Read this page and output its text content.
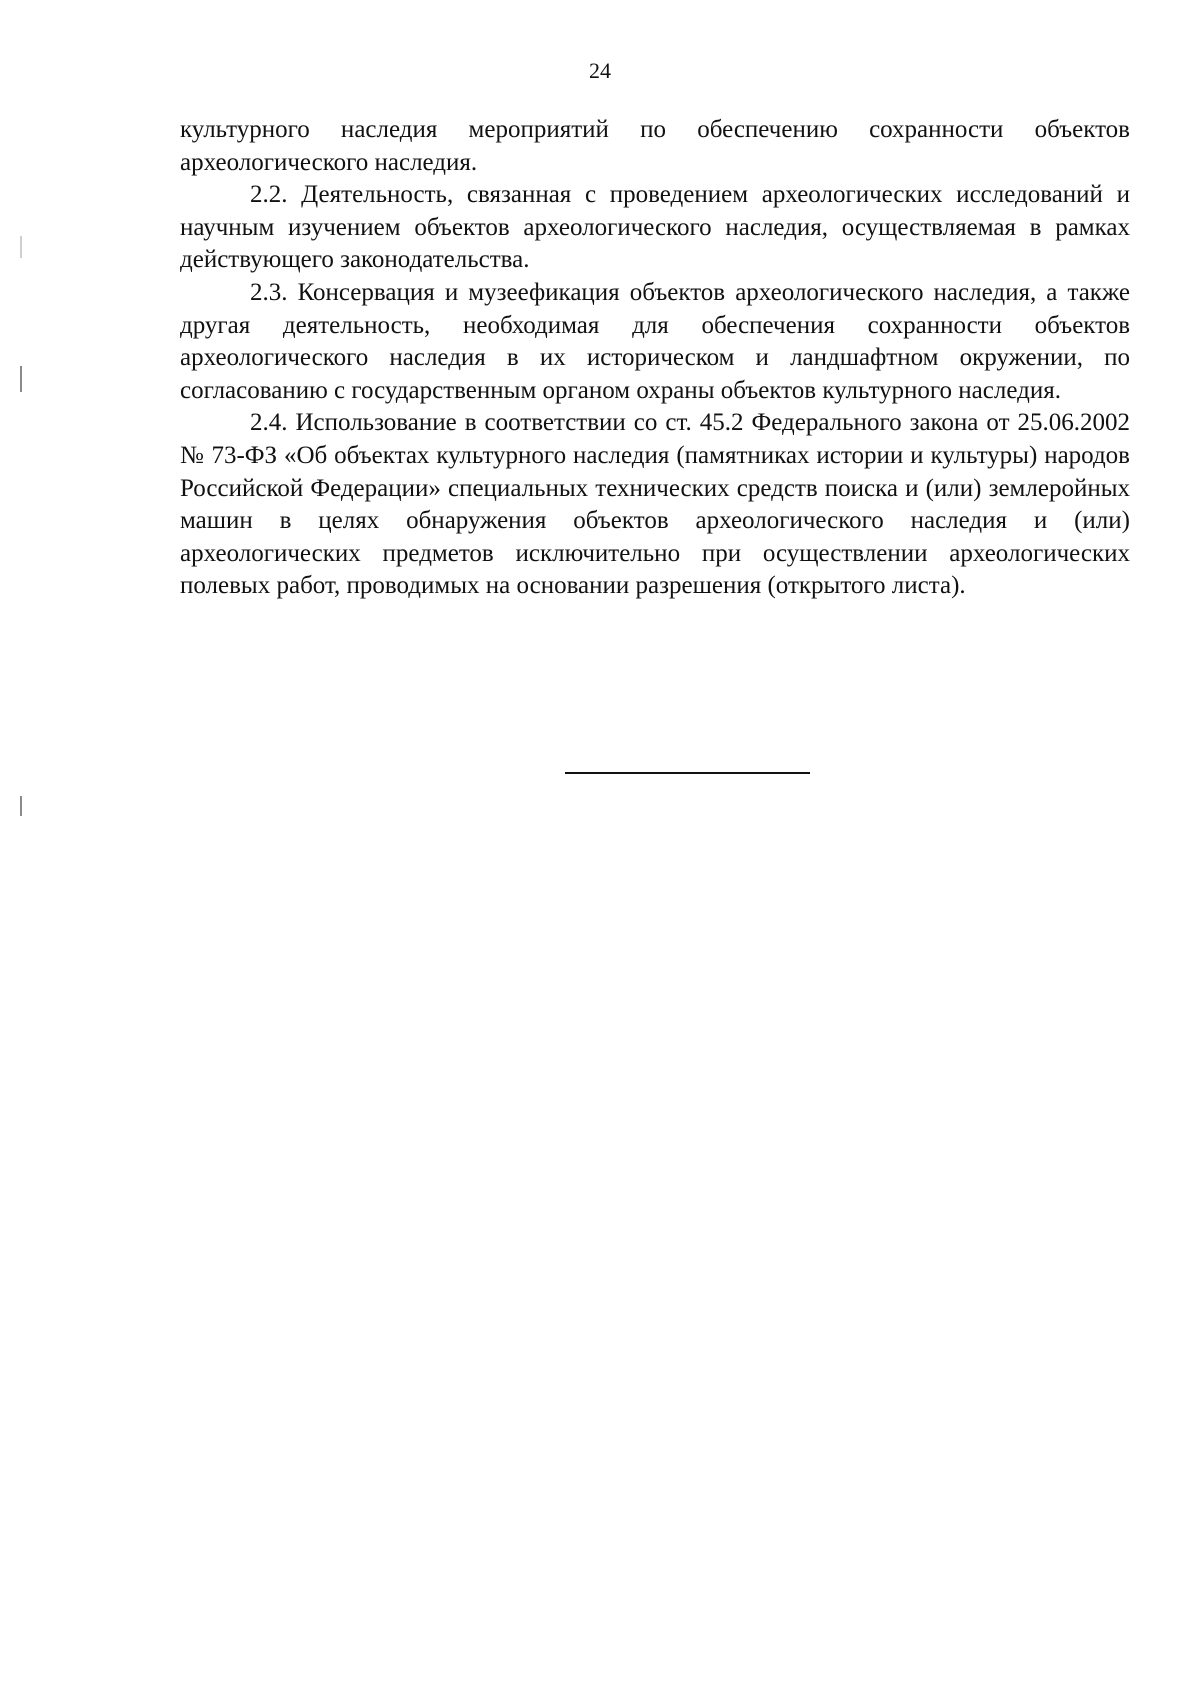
24

культурного наследия мероприятий по обеспечению сохранности объектов археологического наследия.

2.2. Деятельность, связанная с проведением археологических исследований и научным изучением объектов археологического наследия, осуществляемая в рамках действующего законодательства.

2.3. Консервация и музеефикация объектов археологического наследия, а также другая деятельность, необходимая для обеспечения сохранности объектов археологического наследия в их историческом и ландшафтном окружении, по согласованию с государственным органом охраны объектов культурного наследия.

2.4. Использование в соответствии со ст. 45.2 Федерального закона от 25.06.2002 № 73-ФЗ «Об объектах культурного наследия (памятниках истории и культуры) народов Российской Федерации» специальных технических средств поиска и (или) землеройных машин в целях обнаружения объектов археологического наследия и (или) археологических предметов исключительно при осуществлении археологических полевых работ, проводимых на основании разрешения (открытого листа).
